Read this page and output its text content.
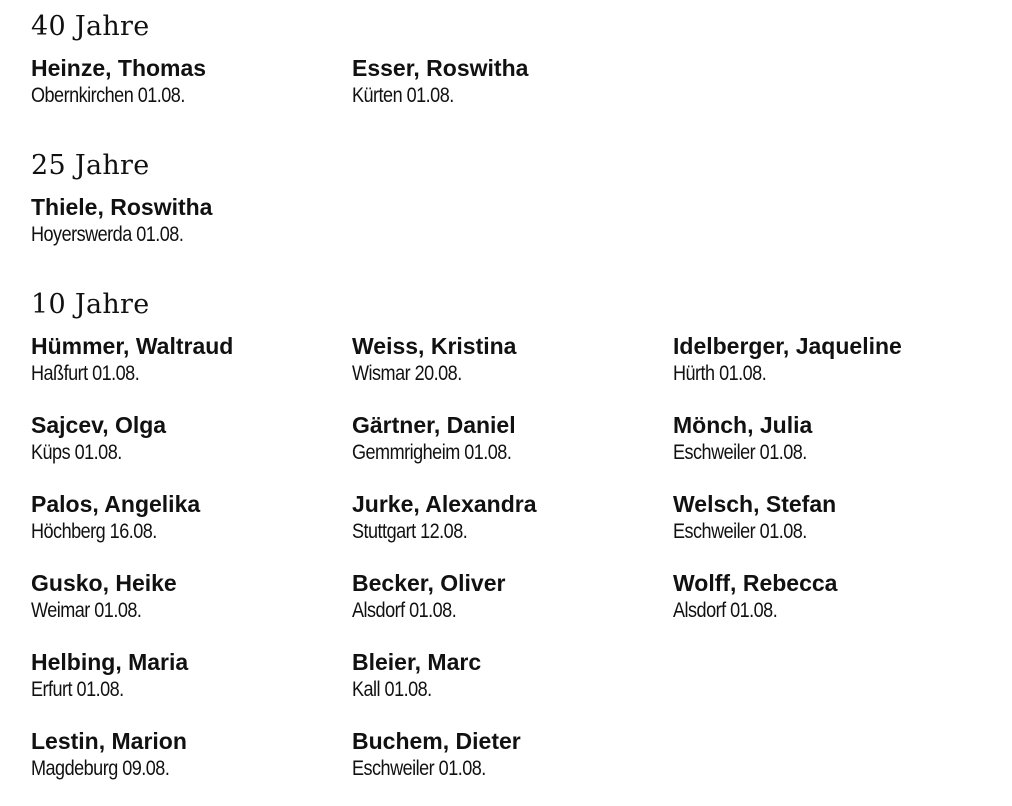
40 Jahre
Heinze, Thomas
Obernkirchen 01.08.
Esser, Roswitha
Kürten 01.08.
25 Jahre
Thiele, Roswitha
Hoyerswerda 01.08.
10 Jahre
Hümmer, Waltraud
Haßfurt 01.08.
Weiss, Kristina
Wismar 20.08.
Idelberger, Jaqueline
Hürth 01.08.
Sajcev, Olga
Küps 01.08.
Gärtner, Daniel
Gemmrigheim 01.08.
Mönch, Julia
Eschweiler 01.08.
Palos, Angelika
Höchberg 16.08.
Jurke, Alexandra
Stuttgart 12.08.
Welsch, Stefan
Eschweiler 01.08.
Gusko, Heike
Weimar 01.08.
Becker, Oliver
Alsdorf 01.08.
Wolff, Rebecca
Alsdorf 01.08.
Helbing, Maria
Erfurt 01.08.
Bleier, Marc
Kall 01.08.
Lestin, Marion
Magdeburg 09.08.
Buchem, Dieter
Eschweiler 01.08.
